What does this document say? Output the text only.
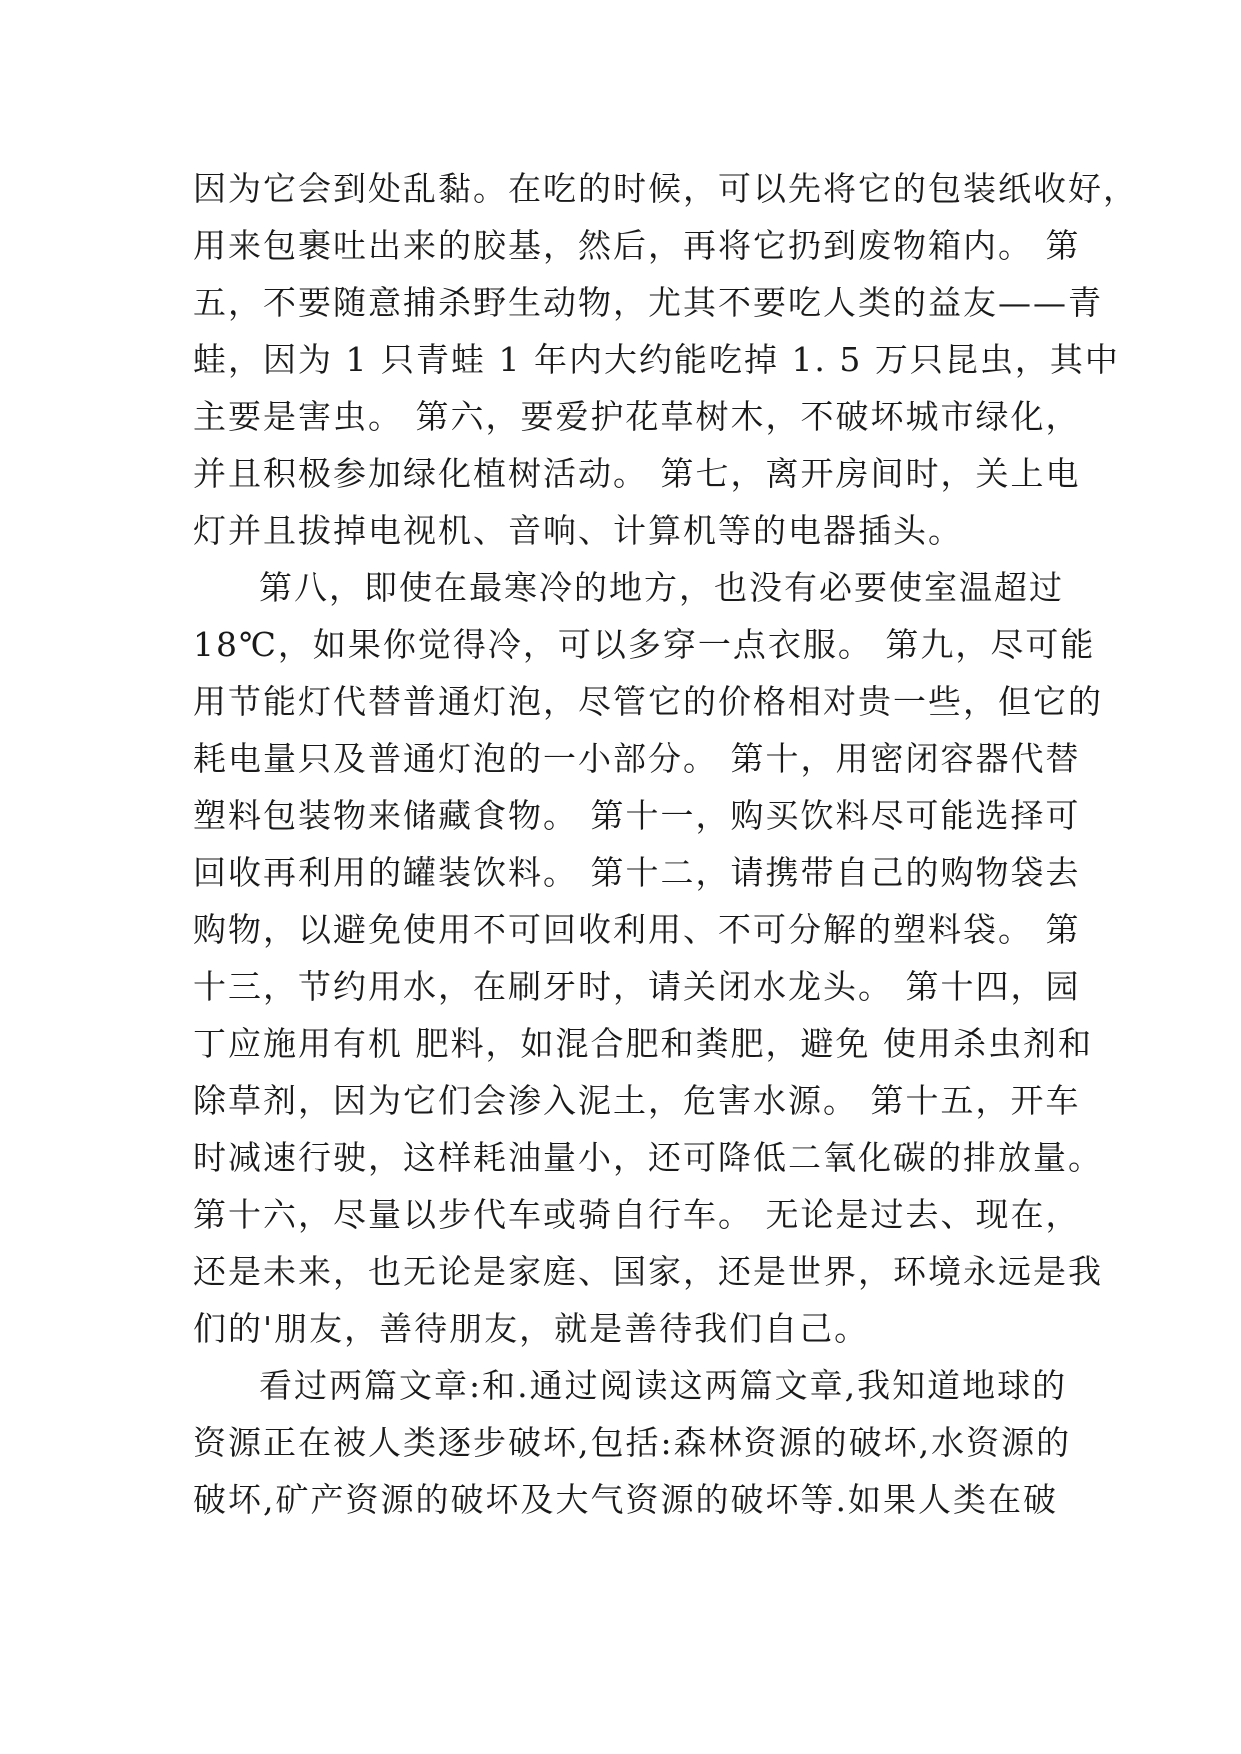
因为它会到处乱黏。在吃的时候，可以先将它的包装纸收好，
用来包裹吐出来的胶基，然后，再将它扔到废物箱内。 第
五，不要随意捕杀野生动物，尤其不要吃人类的益友——青
蛙，因为 1 只青蛙 1 年内大约能吃掉 1. 5 万只昆虫，其中
主要是害虫。 第六，要爱护花草树木，不破坏城市绿化，
并且积极参加绿化植树活动。 第七，离开房间时，关上电
灯并且拔掉电视机、音响、计算机等的电器插头。
第八，即使在最寒冷的地方，也没有必要使室温超过
18℃，如果你觉得冷，可以多穿一点衣服。 第九，尽可能
用节能灯代替普通灯泡，尽管它的价格相对贵一些，但它的
耗电量只及普通灯泡的一小部分。 第十，用密闭容器代替
塑料包装物来储藏食物。 第十一，购买饮料尽可能选择可
回收再利用的罐装饮料。 第十二，请携带自己的购物袋去
购物，以避免使用不可回收利用、不可分解的塑料袋。 第
十三，节约用水，在刷牙时，请关闭水龙头。 第十四，园
丁应施用有机 肥料，如混合肥和粪肥，避免 使用杀虫剂和
除草剂，因为它们会渗入泥土，危害水源。 第十五，开车
时减速行驶，这样耗油量小，还可降低二氧化碳的排放量。
第十六，尽量以步代车或骑自行车。 无论是过去、现在，
还是未来，也无论是家庭、国家，还是世界，环境永远是我
们的'朋友，善待朋友，就是善待我们自己。
看过两篇文章:和.通过阅读这两篇文章,我知道地球的
资源正在被人类逐步破坏,包括:森林资源的破坏,水资源的
破坏,矿产资源的破坏及大气资源的破坏等.如果人类在破
